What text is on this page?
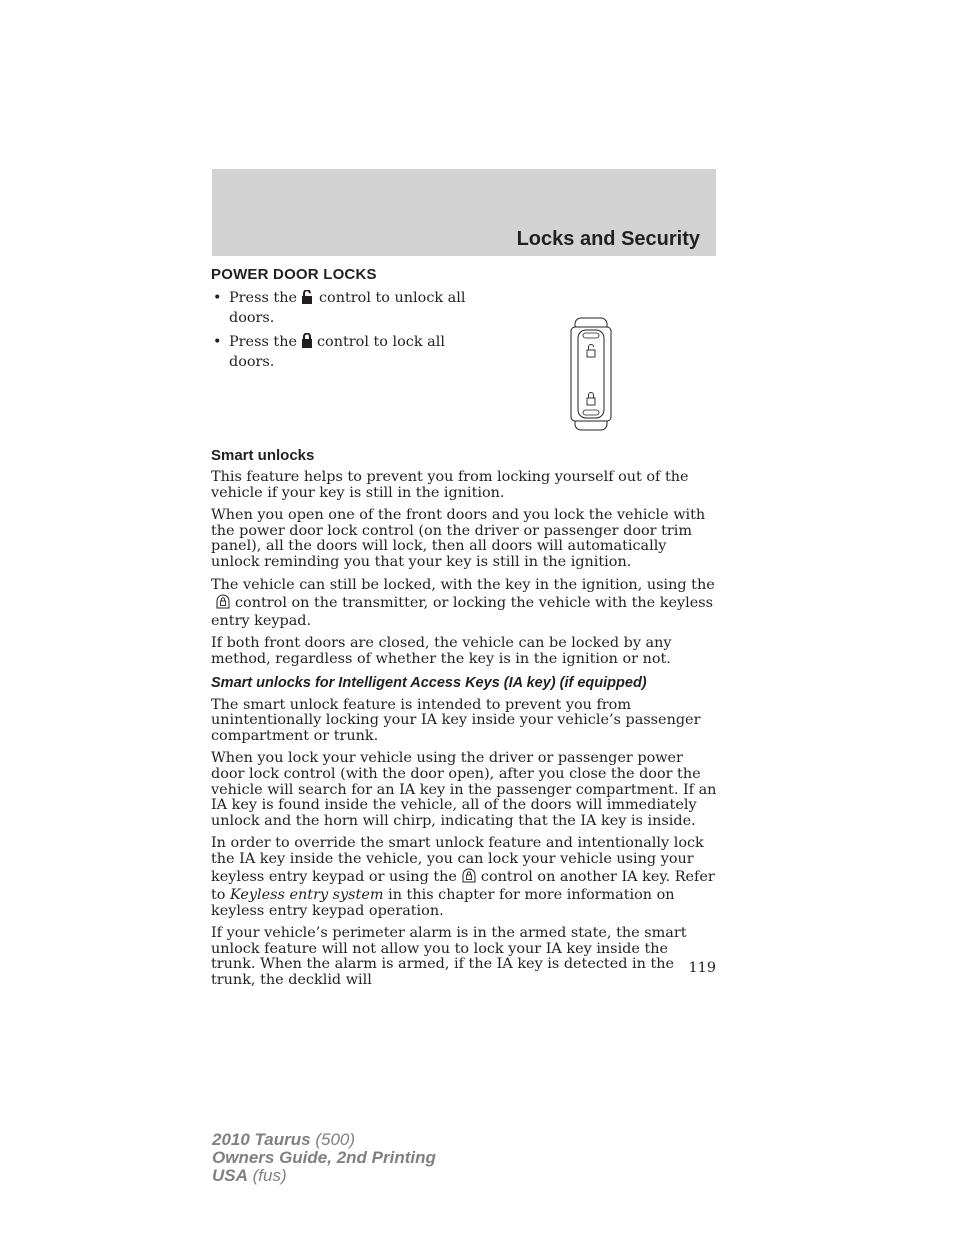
Locks and Security
POWER DOOR LOCKS
• Press the control to unlock all doors.
• Press the control to lock all doors.
Smart unlocks

This feature helps to prevent you from locking yourself out of the vehicle if your key is still in the ignition.

When you open one of the front doors and you lock the vehicle with the power door lock control (on the driver or passenger door trim panel), all the doors will lock, then all doors will automatically unlock reminding you that your key is still in the ignition.

The vehicle can still be locked, with the key in the ignition, using thecontrol on the transmitter, or locking the vehicle with the keyless entry keypad.

If both front doors are closed, the vehicle can be locked by any method, regardless of whether the key is in the ignition or not.

Smart unlocks for Intelligent Access Keys (IA key) (if equipped)

The smart unlock feature is intended to prevent you from unintentionally locking your IA key inside your vehicle’s passenger compartment or trunk.

When you lock your vehicle using the driver or passenger power door lock control (with the door open), after you close the door the vehicle will search for an IA key in the passenger compartment. If an IA key is found inside the vehicle, all of the doors will immediately unlock and the horn will chirp, indicating that the IA key is inside.

In order to override the smart unlock feature and intentionally lock the IA key inside the vehicle, you can lock your vehicle using your keyless entry keypad or using the control on another IA key. Refer to Keyless entry system in this chapter for more information on keyless entry keypad operation.

If your vehicle’s perimeter alarm is in the armed state, the smart unlock feature will not allow you to lock your IA key inside the trunk. When the alarm is armed, if the IA key is detected in the trunk, the decklid will

119
2010 Taurus (500)
Owners Guide, 2nd Printing
USA (fus)
